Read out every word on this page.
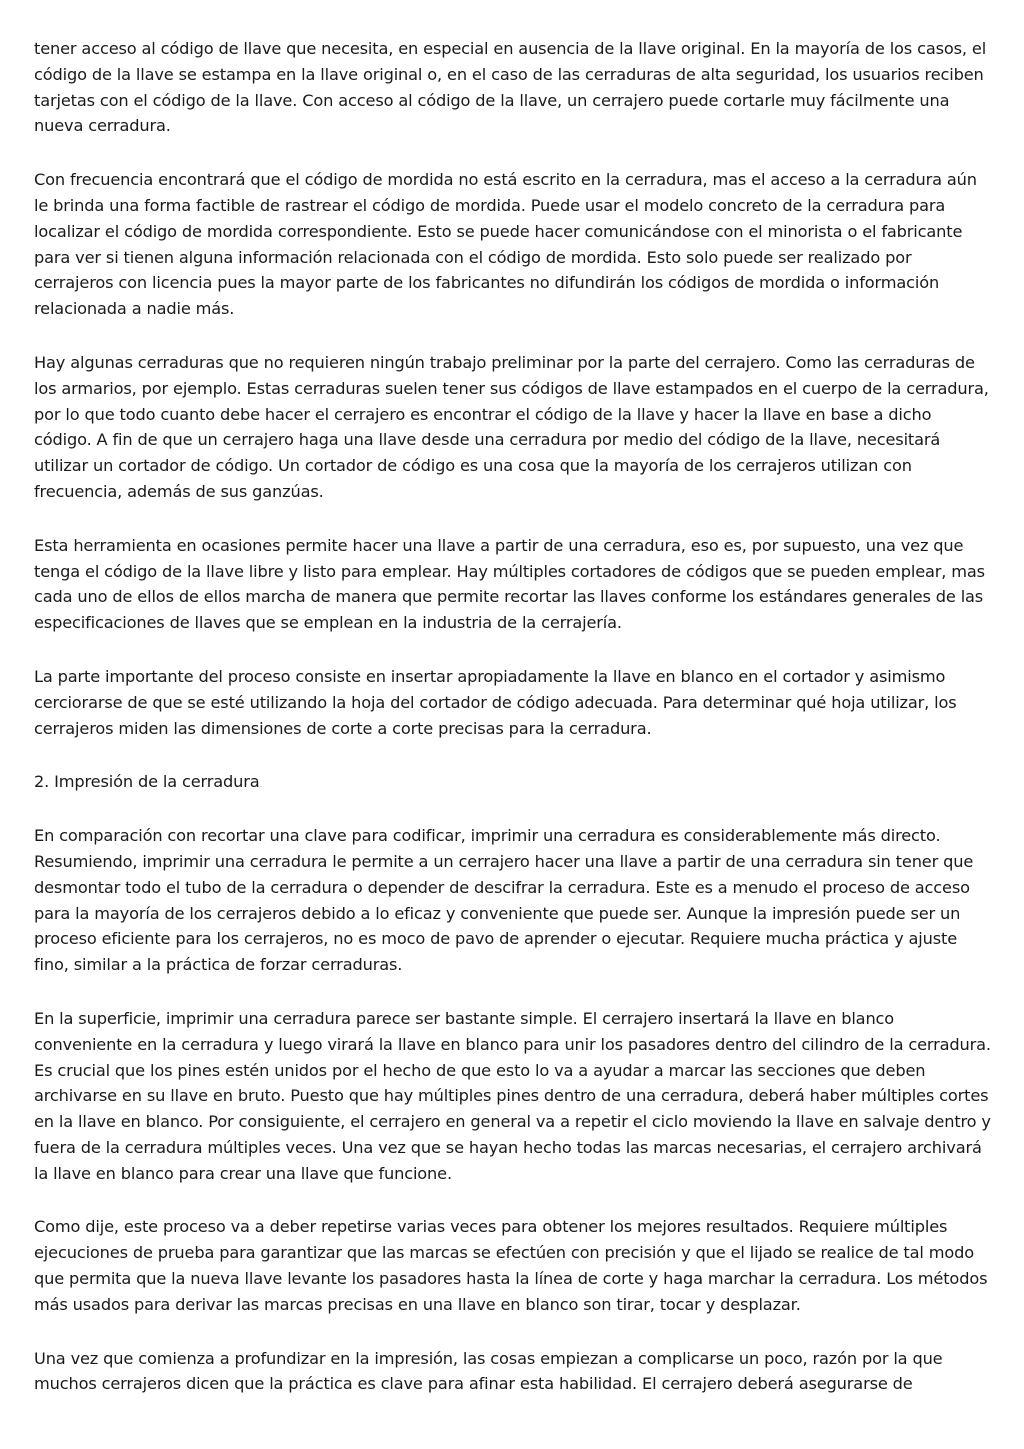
tener acceso al código de llave que necesita, en especial en ausencia de la llave original. En la mayoría de los casos, el código de la llave se estampa en la llave original o, en el caso de las cerraduras de alta seguridad, los usuarios reciben tarjetas con el código de la llave. Con acceso al código de la llave, un cerrajero puede cortarle muy fácilmente una nueva cerradura.

Con frecuencia encontrará que el código de mordida no está escrito en la cerradura, mas el acceso a la cerradura aún le brinda una forma factible de rastrear el código de mordida. Puede usar el modelo concreto de la cerradura para localizar el código de mordida correspondiente. Esto se puede hacer comunicándose con el minorista o el fabricante para ver si tienen alguna información relacionada con el código de mordida. Esto solo puede ser realizado por cerrajeros con licencia pues la mayor parte de los fabricantes no difundirán los códigos de mordida o información relacionada a nadie más.

Hay algunas cerraduras que no requieren ningún trabajo preliminar por la parte del cerrajero. Como las cerraduras de los armarios, por ejemplo. Estas cerraduras suelen tener sus códigos de llave estampados en el cuerpo de la cerradura, por lo que todo cuanto debe hacer el cerrajero es encontrar el código de la llave y hacer la llave en base a dicho código. A fin de que un cerrajero haga una llave desde una cerradura por medio del código de la llave, necesitará utilizar un cortador de código. Un cortador de código es una cosa que la mayoría de los cerrajeros utilizan con frecuencia, además de sus ganzúas.

Esta herramienta en ocasiones permite hacer una llave a partir de una cerradura, eso es, por supuesto, una vez que tenga el código de la llave libre y listo para emplear. Hay múltiples cortadores de códigos que se pueden emplear, mas cada uno de ellos de ellos marcha de manera que permite recortar las llaves conforme los estándares generales de las especificaciones de llaves que se emplean en la industria de la cerrajería.

La parte importante del proceso consiste en insertar apropiadamente la llave en blanco en el cortador y asimismo cerciorarse de que se esté utilizando la hoja del cortador de código adecuada. Para determinar qué hoja utilizar, los cerrajeros miden las dimensiones de corte a corte precisas para la cerradura.

2. Impresión de la cerradura

En comparación con recortar una clave para codificar, imprimir una cerradura es considerablemente más directo. Resumiendo, imprimir una cerradura le permite a un cerrajero hacer una llave a partir de una cerradura sin tener que desmontar todo el tubo de la cerradura o depender de descifrar la cerradura. Este es a menudo el proceso de acceso para la mayoría de los cerrajeros debido a lo eficaz y conveniente que puede ser. Aunque la impresión puede ser un proceso eficiente para los cerrajeros, no es moco de pavo de aprender o ejecutar. Requiere mucha práctica y ajuste fino, similar a la práctica de forzar cerraduras.

En la superficie, imprimir una cerradura parece ser bastante simple. El cerrajero insertará la llave en blanco conveniente en la cerradura y luego virará la llave en blanco para unir los pasadores dentro del cilindro de la cerradura. Es crucial que los pines estén unidos por el hecho de que esto lo va a ayudar a marcar las secciones que deben archivarse en su llave en bruto. Puesto que hay múltiples pines dentro de una cerradura, deberá haber múltiples cortes en la llave en blanco. Por consiguiente, el cerrajero en general va a repetir el ciclo moviendo la llave en salvaje dentro y fuera de la cerradura múltiples veces. Una vez que se hayan hecho todas las marcas necesarias, el cerrajero archivará la llave en blanco para crear una llave que funcione.

Como dije, este proceso va a deber repetirse varias veces para obtener los mejores resultados. Requiere múltiples ejecuciones de prueba para garantizar que las marcas se efectúen con precisión y que el lijado se realice de tal modo que permita que la nueva llave levante los pasadores hasta la línea de corte y haga marchar la cerradura. Los métodos más usados para derivar las marcas precisas en una llave en blanco son tirar, tocar y desplazar.

Una vez que comienza a profundizar en la impresión, las cosas empiezan a complicarse un poco, razón por la que muchos cerrajeros dicen que la práctica es clave para afinar esta habilidad. El cerrajero deberá asegurarse de
